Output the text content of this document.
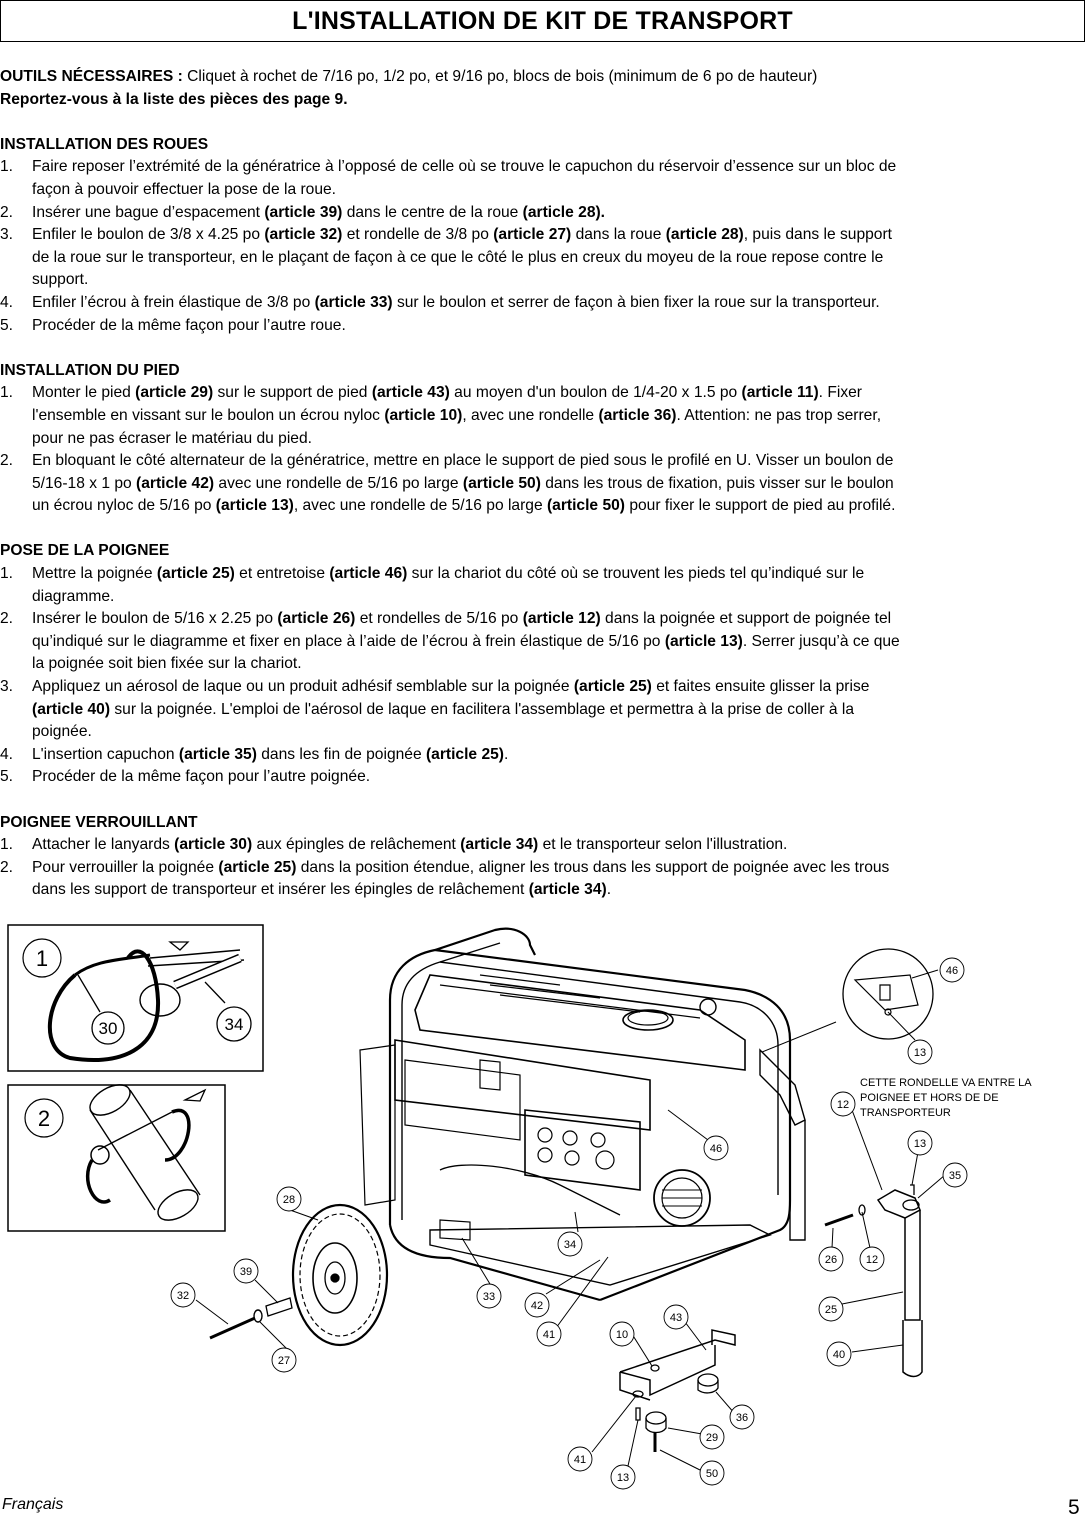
L'INSTALLATION DE KIT DE TRANSPORT
OUTILS NÉCESSAIRES : Cliquet à rochet de 7/16 po, 1/2 po, et 9/16 po, blocs de bois (minimum de 6 po de hauteur)
Reportez-vous à la liste des pièces des page 9.
INSTALLATION DES ROUES
1. Faire reposer l’extrémité de la génératrice à l’opposé de celle où se trouve le capuchon du réservoir d’essence sur un bloc de
façon à pouvoir effectuer la pose de la roue.
2. Insérer une bague d’espacement (article 39) dans le centre de la roue (article 28).
3. Enfiler le boulon de 3/8 x 4.25 po (article 32) et rondelle de 3/8 po (article 27) dans la roue (article 28), puis dans le support
de la roue sur le transporteur, en le plaçant de façon à ce que le côté le plus en creux du moyeu de la roue repose contre le
support.
4. Enfiler l’écrou à frein élastique de 3/8 po (article 33) sur le boulon et serrer de façon à bien fixer la roue sur la transporteur.
5. Procéder de la même façon pour l’autre roue.
INSTALLATION DU PIED
1. Monter le pied (article 29) sur le support de pied (article 43) au moyen d'un boulon de 1/4-20 x 1.5 po (article 11). Fixer
l'ensemble en vissant sur le boulon un écrou nyloc (article 10), avec une rondelle (article 36). Attention: ne pas trop serrer,
pour ne pas écraser le matériau du pied.
2. En bloquant le côté alternateur de la génératrice, mettre en place le support de pied sous le profilé en U. Visser un boulon de
5/16-18 x 1 po (article 42) avec une rondelle de 5/16 po large (article 50) dans les trous de fixation, puis visser sur le boulon
un écrou nyloc de 5/16 po (article 13), avec une rondelle de 5/16 po large (article 50) pour fixer le support de pied au profilé.
POSE DE LA POIGNEE
1. Mettre la poignée (article 25) et entretoise (article 46) sur la chariot du côté où se trouvent les pieds tel qu’indiqué sur le
diagramme.
2. Insérer le boulon de 5/16 x 2.25 po (article 26) et rondelles de 5/16 po (article 12) dans la poignée et support de poignée tel
qu’indiqué sur le diagramme et fixer en place à l’aide de l’écrou à frein élastique de 5/16 po (article 13). Serrer jusqu’à ce que
la poignée soit bien fixée sur la chariot.
3. Appliquez un aérosol de laque ou un produit adhésif semblable sur la poignée (article 25) et faites ensuite glisser la prise
(article 40) sur la poignée. L'emploi de l'aérosol de laque en facilitera l'assemblage et permettra à la prise de coller à la
poignée.
4. L'insertion capuchon (article 35) dans les fin de poignée (article 25).
5. Procéder de la même façon pour l’autre poignée.
POIGNEE VERROUILLANT
1. Attacher le lanyards (article 30) aux épingles de relâchement (article 34) et le transporteur selon l'illustration.
2. Pour verrouiller la poignée (article 25) dans la position étendue, aligner les trous dans les support de poignée avec les trous
dans les support de transporteur et insérer les épingles de relâchement (article 34).
1
30	34
2
46
13
12
13
35
26	12
25
40
46
28
39
32
27
34
33
42
41	10
43
36
29
41
13	50
CETTE RONDELLE VA ENTRE LA
POIGNEE ET HORS DE DE
TRANSPORTEUR
Français	5
